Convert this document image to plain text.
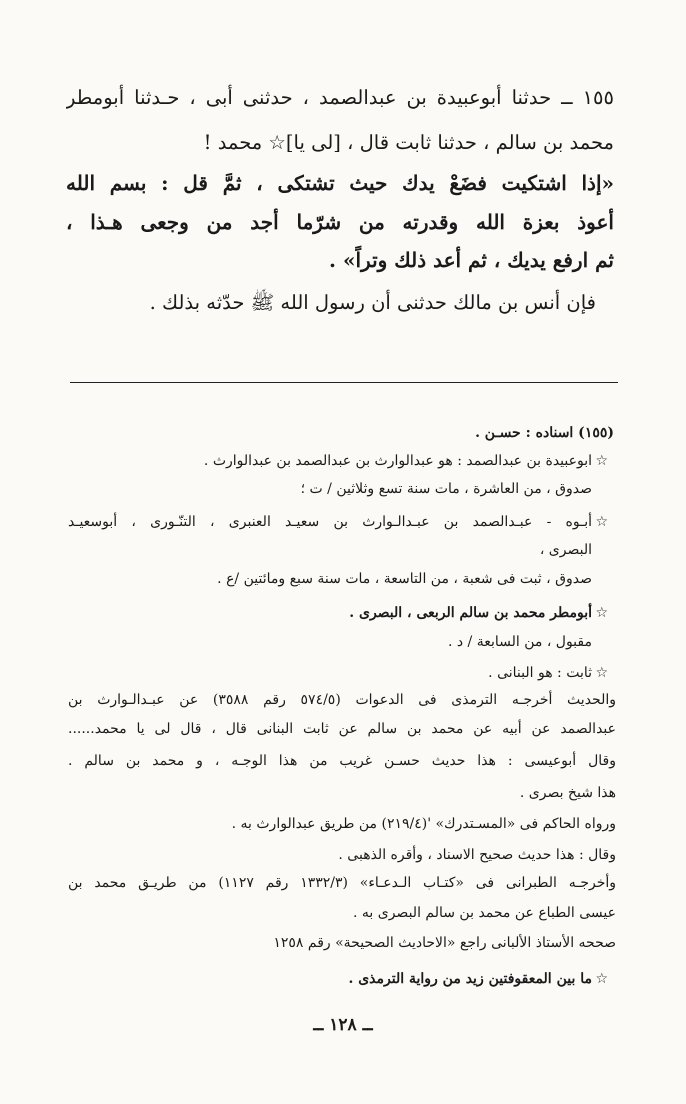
١٥٥ ــ حدثنا أبوعبيدة بن عبدالصمد ، حدثنى أبى ، حـدثنا أبومطر
محمد بن سالم ، حدثنا ثابت قال ، [لى يا]☆ محمد !
«إذا اشتكيت فضَعْ يدك حيث تشتكى ، ثمَّ قل : بسم الله
أعوذ بعزة الله وقدرته من شرّما أجد من وجعى هـذا ،
ثم ارفع يديك ، ثم أعد ذلك وتراً» .
فإن أنس بن مالك حدثنى أن رسول الله ﷺ حدّثه بذلك .
(١٥٥) اسناده : حسـن .
☆
ابوعبيدة بن عبدالصمد : هو عبدالوارث بن عبدالصمد بن عبدالوارث .
صدوق ، من العاشرة ، مات سنة تسع وثلاثين / ت ؛
☆
أبـوه - عبـدالصمد بن عبـدالـوارث بن سعيـد العنبرى ، التنّـورى ، أبوسعيـد
البصرى ،
صدوق ، ثبت فى شعبة ، من التاسعة ، مات سنة سبع ومائتين /ع .
☆
أبومطر محمد بن سالم الربعى ، البصرى .
مقبول ، من السابعة / د .
☆
ثابت : هو البنانى .
والحديث أخرجـه الترمذى فى الدعوات (٥٧٤/٥ رقم ٣٥٨٨) عن عبـدالـوارث بن
عبدالصمد عن أبيه عن محمد بن سالم عن ثابت البنانى قال ، قال لى يا محمد......
وقال أبوعيسى : هذا حديث حسـن غريب من هذا الوجـه ، و محمد بن سالم .
هذا شيخ بصرى .
ورواه الحاكم فى «المسـتدرك» '(٢١٩/٤) من طريق عبدالوارث به .
وقال : هذا حديث صحيح الاسناد ، وأقره الذهبى .
وأخرجـه الطبرانى فى «كتـاب الـدعـاء» (١٣٣٢/٣ رقم ١١٢٧) من طريـق محمد بن
عيسى الطباع عن محمد بن سالم البصرى به .
صححه الأستاذ الألبانى راجع «الاحاديث الصحيحة» رقم ١٢٥٨
☆
ما بين المعقوفتين زيد من رواية الترمذى .
ــ ١٢٨ ــ
